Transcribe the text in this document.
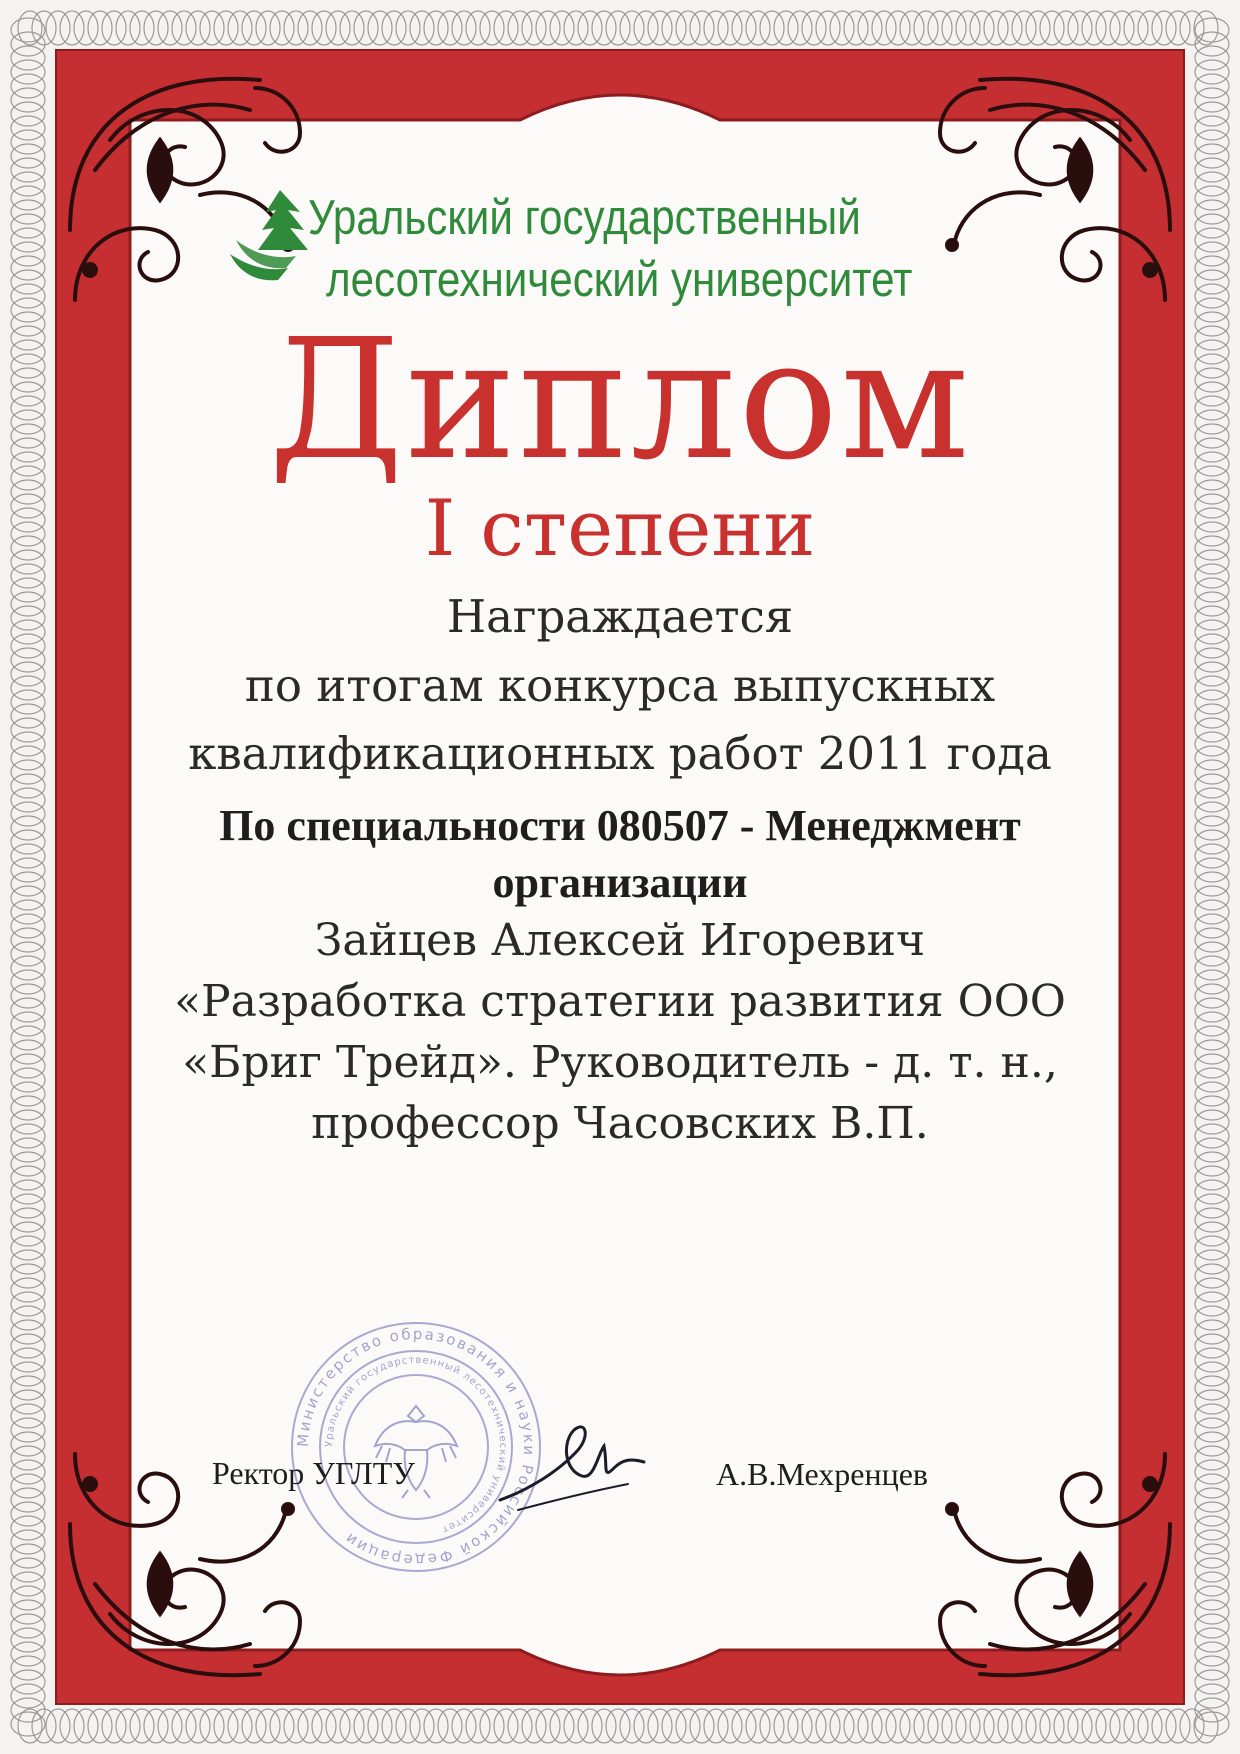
Уральский государственный
лесотехнический университет
Диплом
I степени
Награждается
по итогам конкурса выпускных
квалификационных работ 2011 года
По специальности 080507 - Менеджмент
организации
Зайцев Алексей Игоревич
«Разработка стратегии развития ООО
«Бриг Трейд». Руководитель - д. т. н.,
профессор Часовских В.П.
Министерство образования и науки Российской Федерации
Уральский государственный лесотехнический университет
Ректор УГЛТУ	А.В.Мехренцев
